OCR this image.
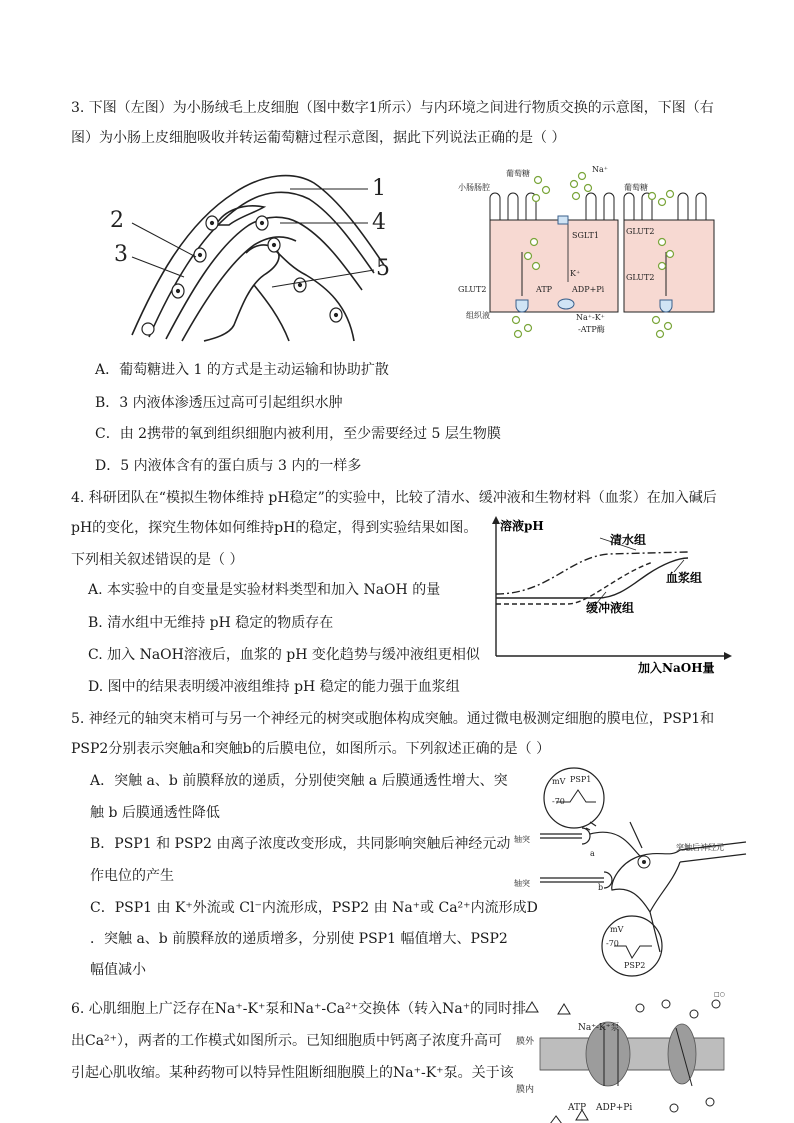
3. 下图（左图）为小肠绒毛上皮细胞（图中数字1所示）与内环境之间进行物质交换的示意图，下图（右
图）为小肠上皮细胞吸收并转运葡萄糖过程示意图，据此下列说法正确的是（ ）
1
4
2
3
5
小肠肠腔
葡萄糖	Na⁺
葡萄糖
SGLT1	GLUT2
GLUT2
GLUT2
K⁺
ATP ADP+Pi
组织液	Na⁺-K⁺
-ATP酶
A．葡萄糖进入 1 的方式是主动运输和协助扩散
B．3 内液体渗透压过高可引起组织水肿
C．由 2携带的氧到组织细胞内被利用，至少需要经过 5 层生物膜
D．5 内液体含有的蛋白质与 3 内的一样多
4. 科研团队在“模拟生物体维持 pH稳定”的实验中，比较了清水、缓冲液和生物材料（血浆）在加入碱后
pH的变化，探究生物体如何维持pH的稳定，得到实验结果如图。
下列相关叙述错误的是（ ）
A. 本实验中的自变量是实验材料类型和加入 NaOH 的量
B. 清水组中无维持 pH 稳定的物质存在
C. 加入 NaOH溶液后，血浆的 pH 变化趋势与缓冲液组更相似
D. 图中的结果表明缓冲液组维持 pH 稳定的能力强于血浆组
溶液pH
加入NaOH量
清水组
血浆组
缓冲液组
5. 神经元的轴突末梢可与另一个神经元的树突或胞体构成突触。通过微电极测定细胞的膜电位，PSP1和
PSP2分别表示突触a和突触b的后膜电位，如图所示。下列叙述正确的是（ ）
A．突触 a、b 前膜释放的递质，分别使突触 a 后膜通透性增大、突
触 b 后膜通透性降低
B．PSP1 和 PSP2 由离子浓度改变形成，共同影响突触后神经元动
作电位的产生
C．PSP1 由 K⁺外流或 Cl⁻内流形成，PSP2 由 Na⁺或 Ca²⁺内流形成D
．突触 a、b 前膜释放的递质增多，分别使 PSP1 幅值增大、PSP2
幅值减小
mV
-70
PSP1
mV
-70
PSP2
轴突
轴突
a
b
突触后神经元
6. 心肌细胞上广泛存在Na⁺-K⁺泵和Na⁺-Ca²⁺交换体（转入Na⁺的同时排
出Ca²⁺），两者的工作模式如图所示。已知细胞质中钙离子浓度升高可
引起心肌收缩。某种药物可以特异性阻断细胞膜上的Na⁺-K⁺泵。关于该
膜外
膜内
Na⁺-K⁺泵
ATP ADP+Pi
□○
